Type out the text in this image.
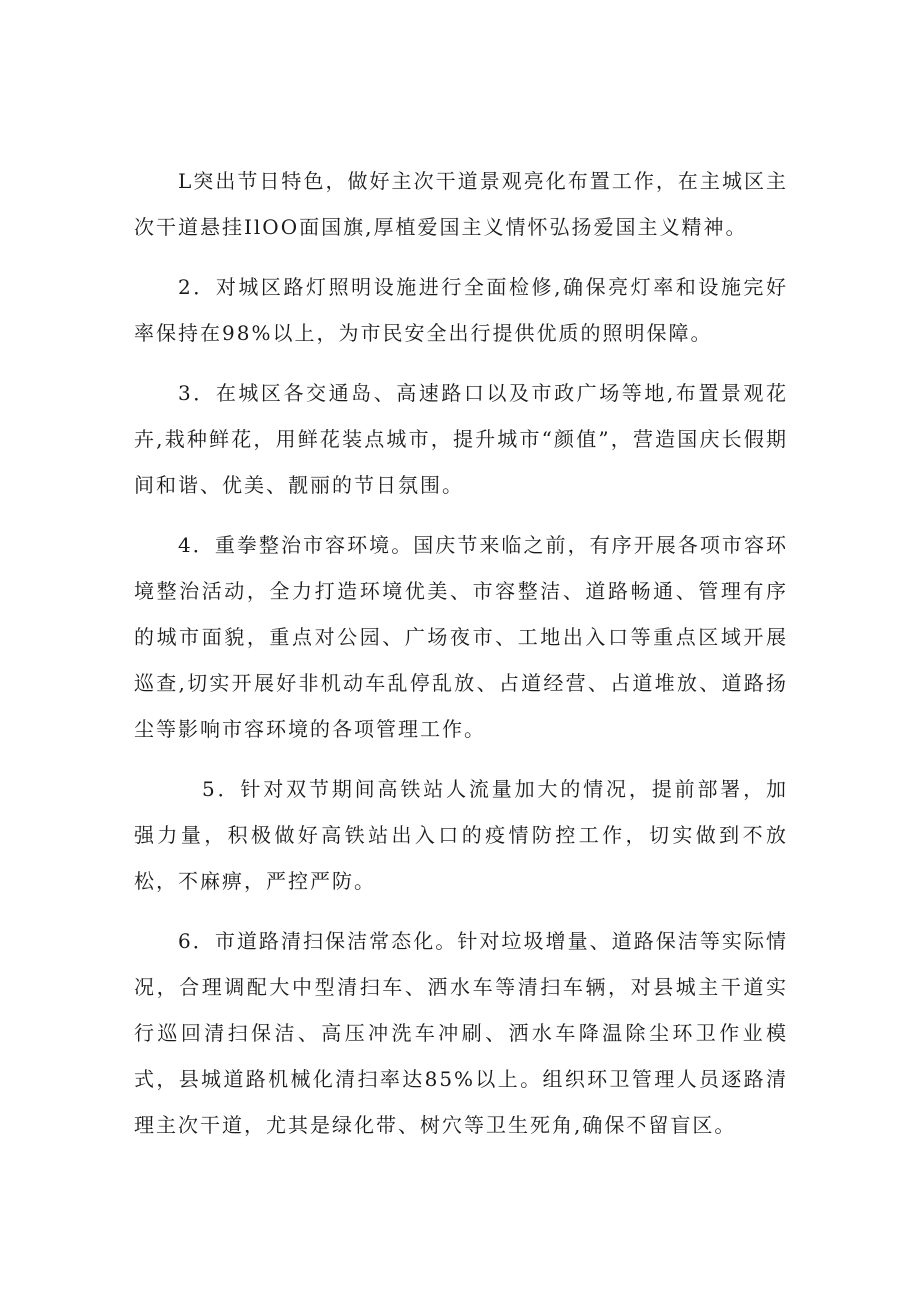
L突出节日特色，做好主次干道景观亮化布置工作，在主城区主次干道悬挂IlOO面国旗,厚植爱国主义情怀弘扬爱国主义精神。

2．对城区路灯照明设施进行全面检修,确保亮灯率和设施完好率保持在98%以上，为市民安全出行提供优质的照明保障。

3．在城区各交通岛、高速路口以及市政广场等地,布置景观花卉,栽种鲜花，用鲜花装点城市，提升城市“颜值”，营造国庆长假期间和谐、优美、靓丽的节日氛围。

4．重拳整治市容环境。国庆节来临之前，有序开展各项市容环境整治活动，全力打造环境优美、市容整洁、道路畅通、管理有序的城市面貌，重点对公园、广场夜市、工地出入口等重点区域开展巡查,切实开展好非机动车乱停乱放、占道经营、占道堆放、道路扬尘等影响市容环境的各项管理工作。

5．针对双节期间高铁站人流量加大的情况，提前部署，加强力量，积极做好高铁站出入口的疫情防控工作，切实做到不放松，不麻痹，严控严防。

6．市道路清扫保洁常态化。针对垃圾增量、道路保洁等实际情况，合理调配大中型清扫车、洒水车等清扫车辆，对县城主干道实行巡回清扫保洁、高压冲洗车冲刷、洒水车降温除尘环卫作业模式，县城道路机械化清扫率达85%以上。组织环卫管理人员逐路清理主次干道，尤其是绿化带、树穴等卫生死角,确保不留盲区。
